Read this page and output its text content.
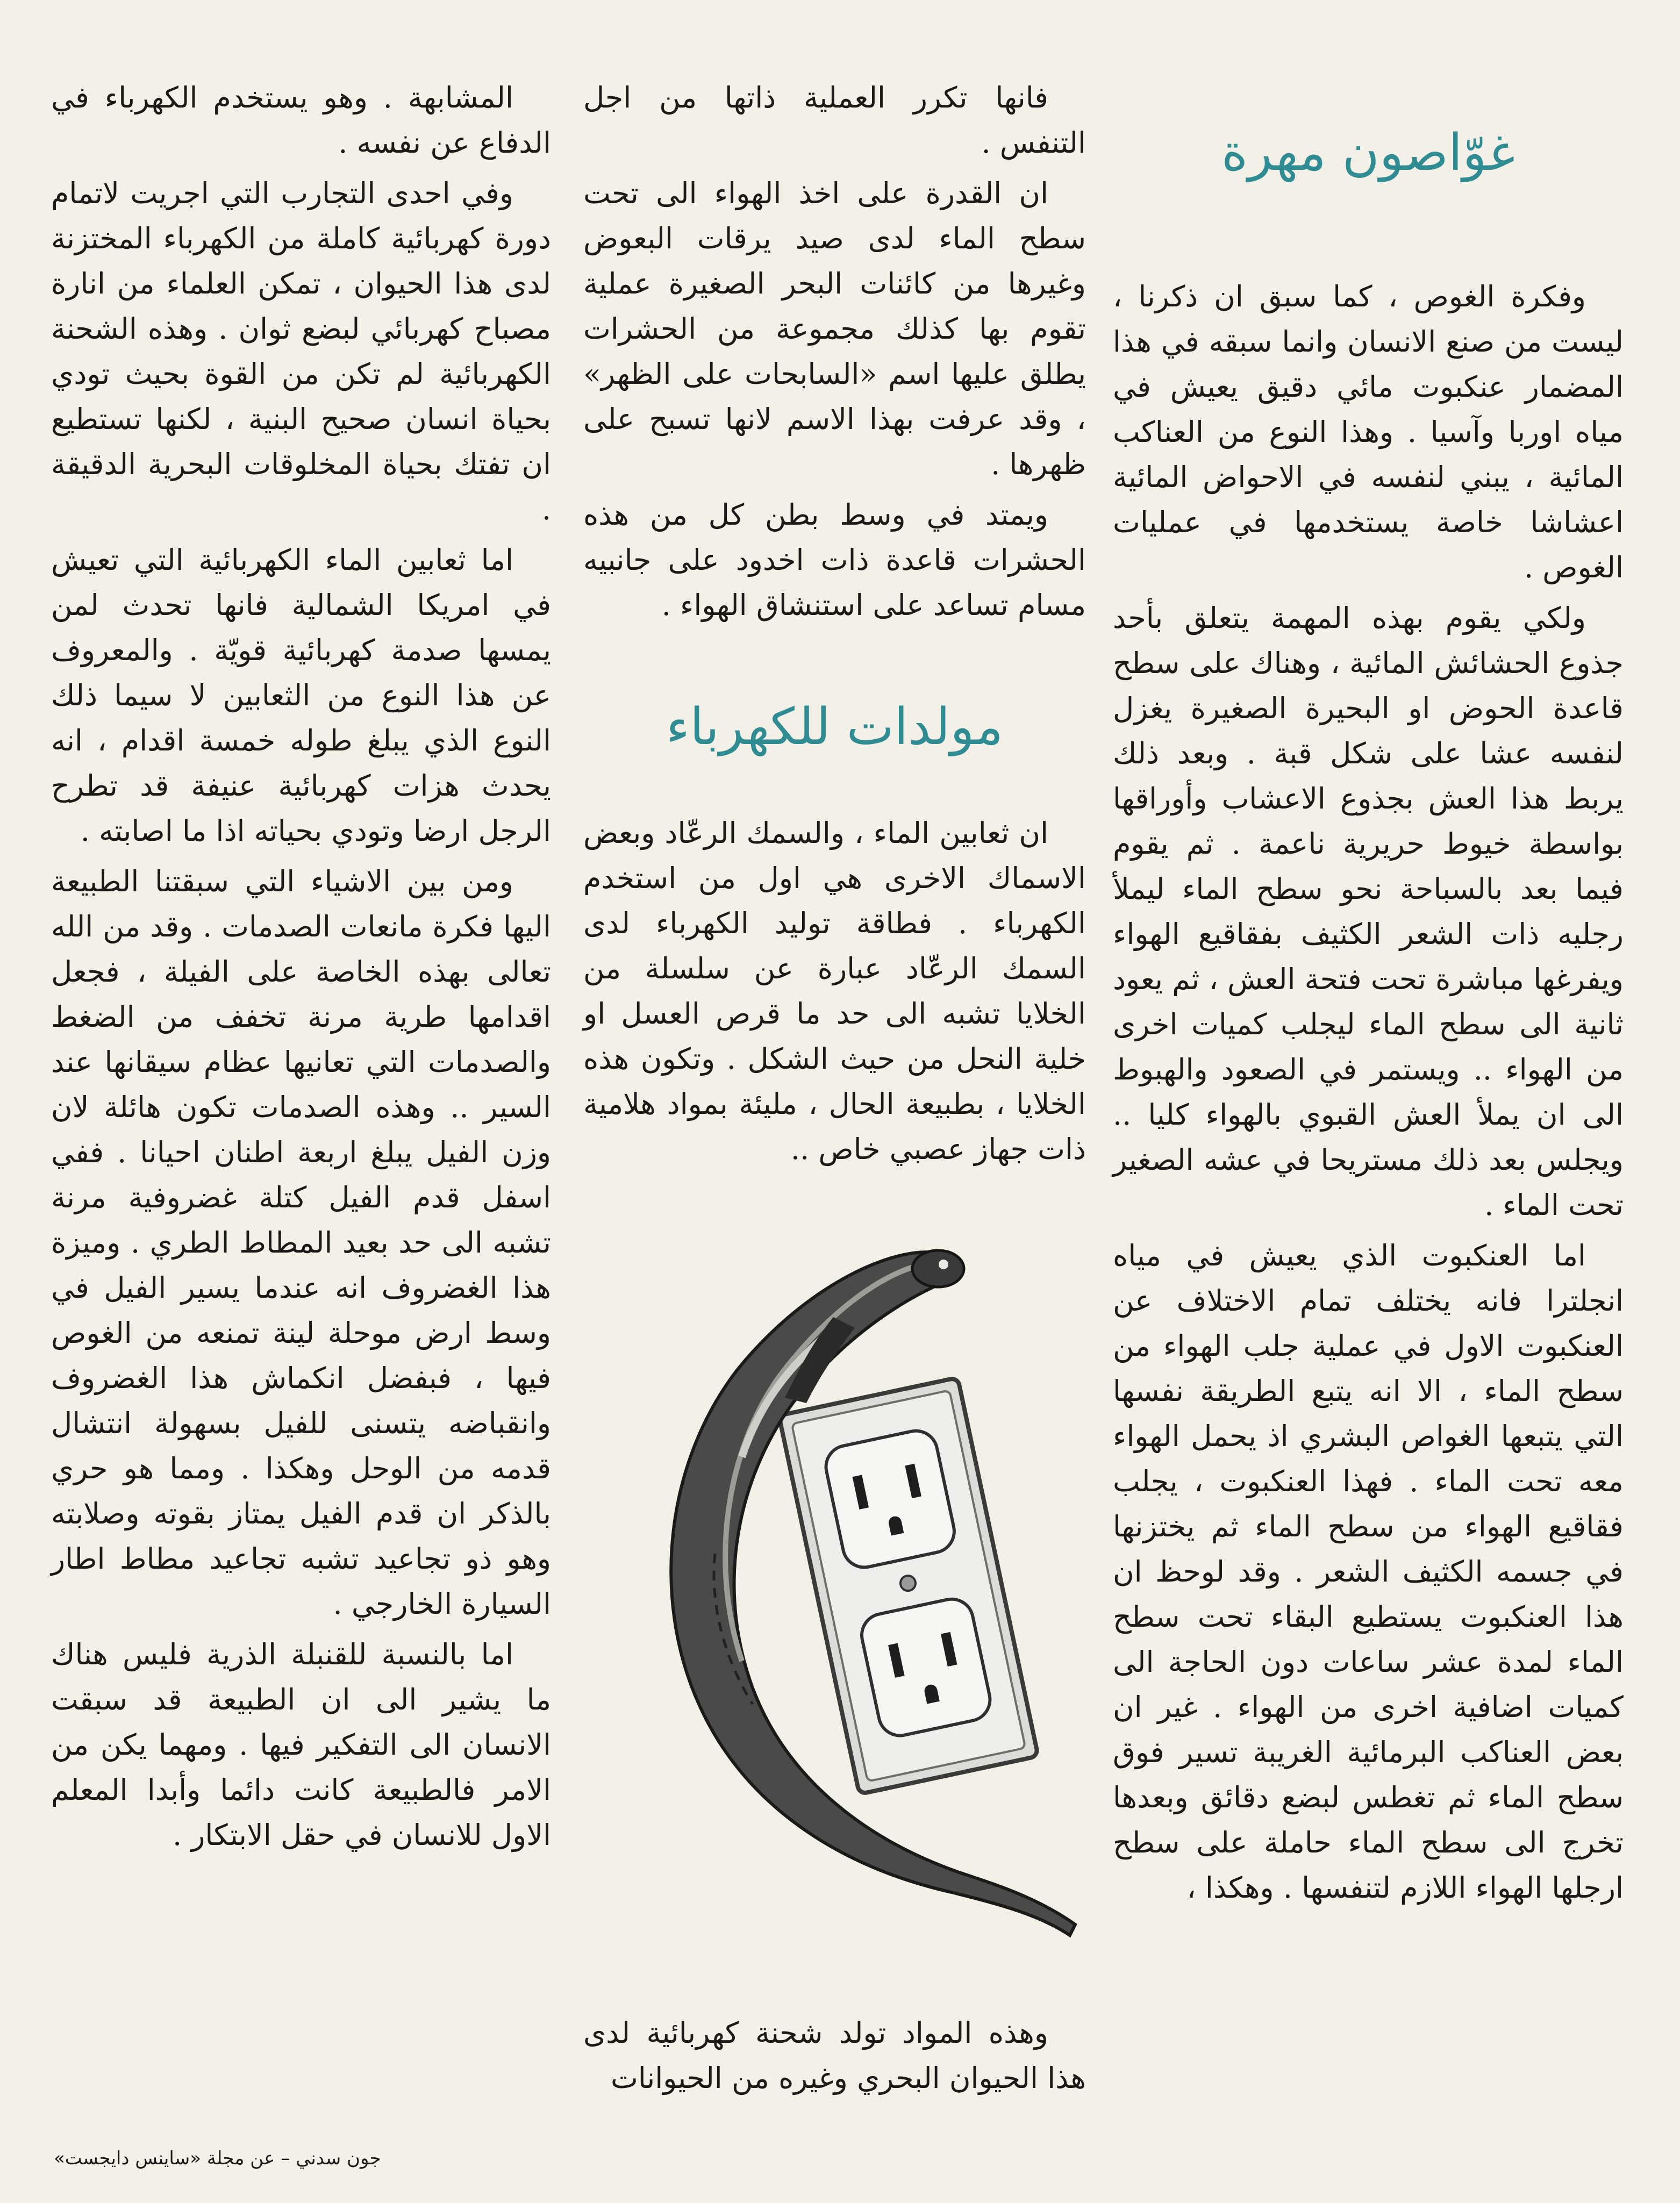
غوّاصون مهرة

وفكرة الغوص ، كما سبق ان ذكرنا ، ليست من صنع الانسان وانما سبقه في هذا المضمار عنكبوت مائي دقيق يعيش في مياه اوربا وآسيا . وهذا النوع من العناكب المائية ، يبني لنفسه في الاحواض المائية اعشاشا خاصة يستخدمها في عمليات الغوص .

ولكي يقوم بهذه المهمة يتعلق بأحد جذوع الحشائش المائية ، وهناك على سطح قاعدة الحوض او البحيرة الصغيرة يغزل لنفسه عشا على شكل قبة . وبعد ذلك يربط هذا العش بجذوع الاعشاب وأوراقها بواسطة خيوط حريرية ناعمة . ثم يقوم فيما بعد بالسباحة نحو سطح الماء ليملأ رجليه ذات الشعر الكثيف بفقاقيع الهواء ويفرغها مباشرة تحت فتحة العش ، ثم يعود ثانية الى سطح الماء ليجلب كميات اخرى من الهواء .. ويستمر في الصعود والهبوط الى ان يملأ العش القبوي بالهواء كليا .. ويجلس بعد ذلك مستريحا في عشه الصغير تحت الماء .

اما العنكبوت الذي يعيش في مياه انجلترا فانه يختلف تمام الاختلاف عن العنكبوت الاول في عملية جلب الهواء من سطح الماء ، الا انه يتبع الطريقة نفسها التي يتبعها الغواص البشري اذ يحمل الهواء معه تحت الماء . فهذا العنكبوت ، يجلب فقاقيع الهواء من سطح الماء ثم يختزنها في جسمه الكثيف الشعر . وقد لوحظ ان هذا العنكبوت يستطيع البقاء تحت سطح الماء لمدة عشر ساعات دون الحاجة الى كميات اضافية اخرى من الهواء . غير ان بعض العناكب البرمائية الغريبة تسير فوق سطح الماء ثم تغطس لبضع دقائق وبعدها تخرج الى سطح الماء حاملة على سطح ارجلها الهواء اللازم لتنفسها . وهكذا ،

فانها تكرر العملية ذاتها من اجل التنفس .

ان القدرة على اخذ الهواء الى تحت سطح الماء لدى صيد يرقات البعوض وغيرها من كائنات البحر الصغيرة عملية تقوم بها كذلك مجموعة من الحشرات يطلق عليها اسم «السابحات على الظهر» ، وقد عرفت بهذا الاسم لانها تسبح على ظهرها .

ويمتد في وسط بطن كل من هذه الحشرات قاعدة ذات اخدود على جانبيه مسام تساعد على استنشاق الهواء .

مولدات للكهرباء

ان ثعابين الماء ، والسمك الرعّاد وبعض الاسماك الاخرى هي اول من استخدم الكهرباء . فطاقة توليد الكهرباء لدى السمك الرعّاد عبارة عن سلسلة من الخلايا تشبه الى حد ما قرص العسل او خلية النحل من حيث الشكل . وتكون هذه الخلايا ، بطبيعة الحال ، مليئة بمواد هلامية ذات جهاز عصبي خاص ..

وهذه المواد تولد شحنة كهربائية لدى هذا الحيوان البحري وغيره من الحيوانات

المشابهة . وهو يستخدم الكهرباء في الدفاع عن نفسه .

وفي احدى التجارب التي اجريت لاتمام دورة كهربائية كاملة من الكهرباء المختزنة لدى هذا الحيوان ، تمكن العلماء من انارة مصباح كهربائي لبضع ثوان . وهذه الشحنة الكهربائية لم تكن من القوة بحيث تودي بحياة انسان صحيح البنية ، لكنها تستطيع ان تفتك بحياة المخلوقات البحرية الدقيقة .

اما ثعابين الماء الكهربائية التي تعيش في امريكا الشمالية فانها تحدث لمن يمسها صدمة كهربائية قويّة . والمعروف عن هذا النوع من الثعابين لا سيما ذلك النوع الذي يبلغ طوله خمسة اقدام ، انه يحدث هزات كهربائية عنيفة قد تطرح الرجل ارضا وتودي بحياته اذا ما اصابته .

ومن بين الاشياء التي سبقتنا الطبيعة اليها فكرة مانعات الصدمات . وقد من الله تعالى بهذه الخاصة على الفيلة ، فجعل اقدامها طرية مرنة تخفف من الضغط والصدمات التي تعانيها عظام سيقانها عند السير .. وهذه الصدمات تكون هائلة لان وزن الفيل يبلغ اربعة اطنان احيانا . ففي اسفل قدم الفيل كتلة غضروفية مرنة تشبه الى حد بعيد المطاط الطري . وميزة هذا الغضروف انه عندما يسير الفيل في وسط ارض موحلة لينة تمنعه من الغوص فيها ، فبفضل انكماش هذا الغضروف وانقباضه يتسنى للفيل بسهولة انتشال قدمه من الوحل وهكذا . ومما هو حري بالذكر ان قدم الفيل يمتاز بقوته وصلابته وهو ذو تجاعيد تشبه تجاعيد مطاط اطار السيارة الخارجي .

اما بالنسبة للقنبلة الذرية فليس هناك ما يشير الى ان الطبيعة قد سبقت الانسان الى التفكير فيها . ومهما يكن من الامر فالطبيعة كانت دائما وأبدا المعلم الاول للانسان في حقل الابتكار .

جون سدني – عن مجلة «ساينس دايجست»
